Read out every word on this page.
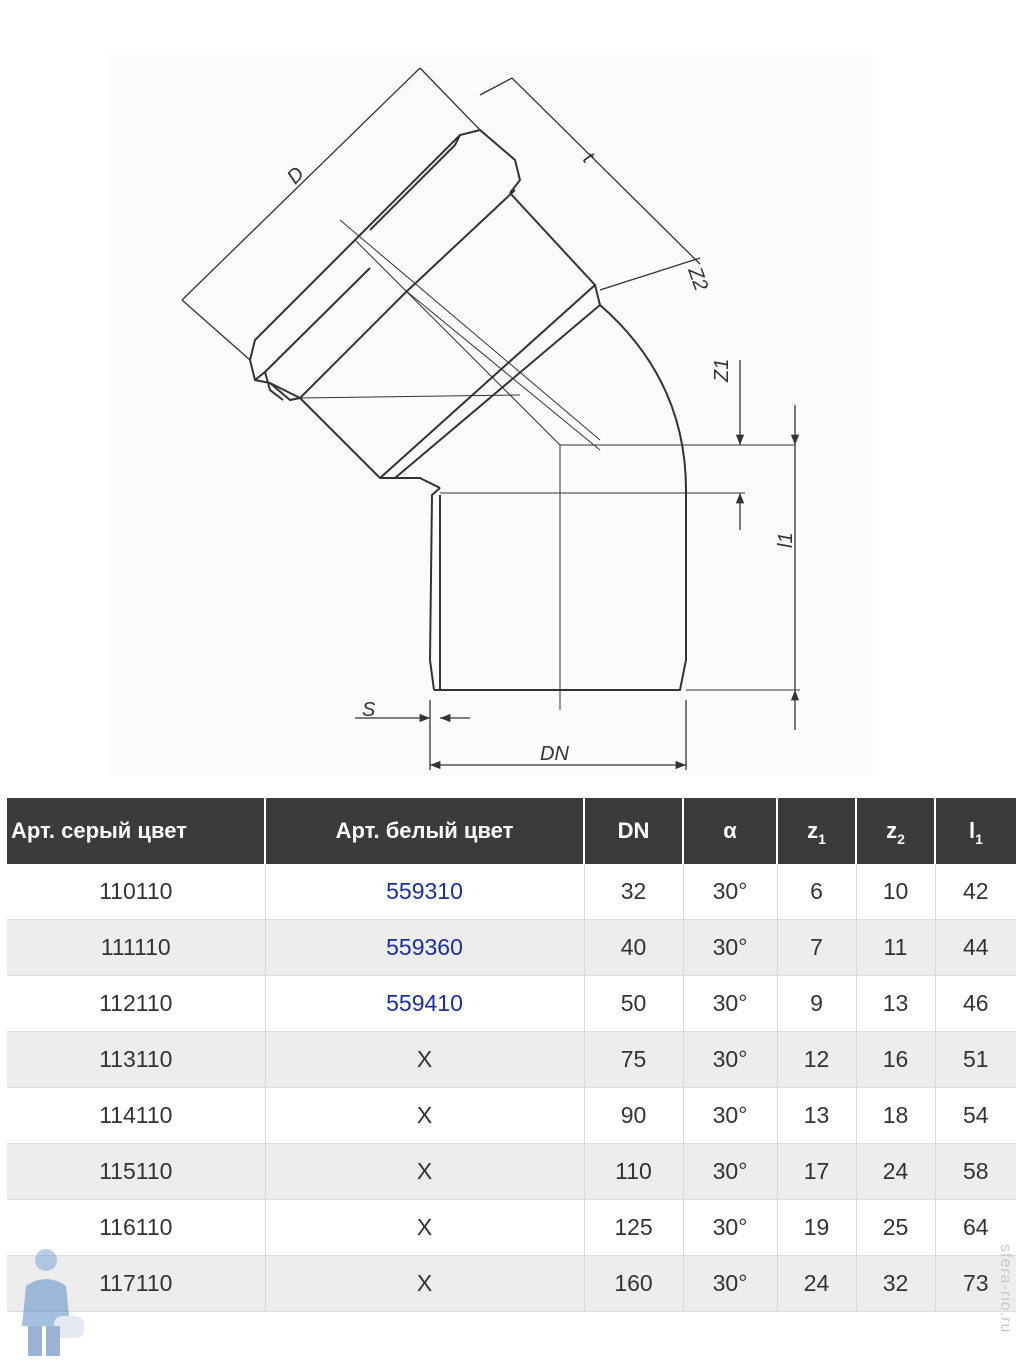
D
t
Z2
Z1
l1
S
DN
Арт. серый цвет	Арт. белый цвет	DN	α	$z_1$	$z_2$	$l_1$
110110	559310	32	30°	6	10	42
111110	559360	40	30°	7	11	44
112110	559410	50	30°	9	13	46
113110	X	75	30°	12	16	51
114110	X	90	30°	13	18	54
115110	X	110	30°	17	24	58
116110	X	125	30°	19	25	64
117110	X	160	30°	24	32	73 sfera-rio.ru
